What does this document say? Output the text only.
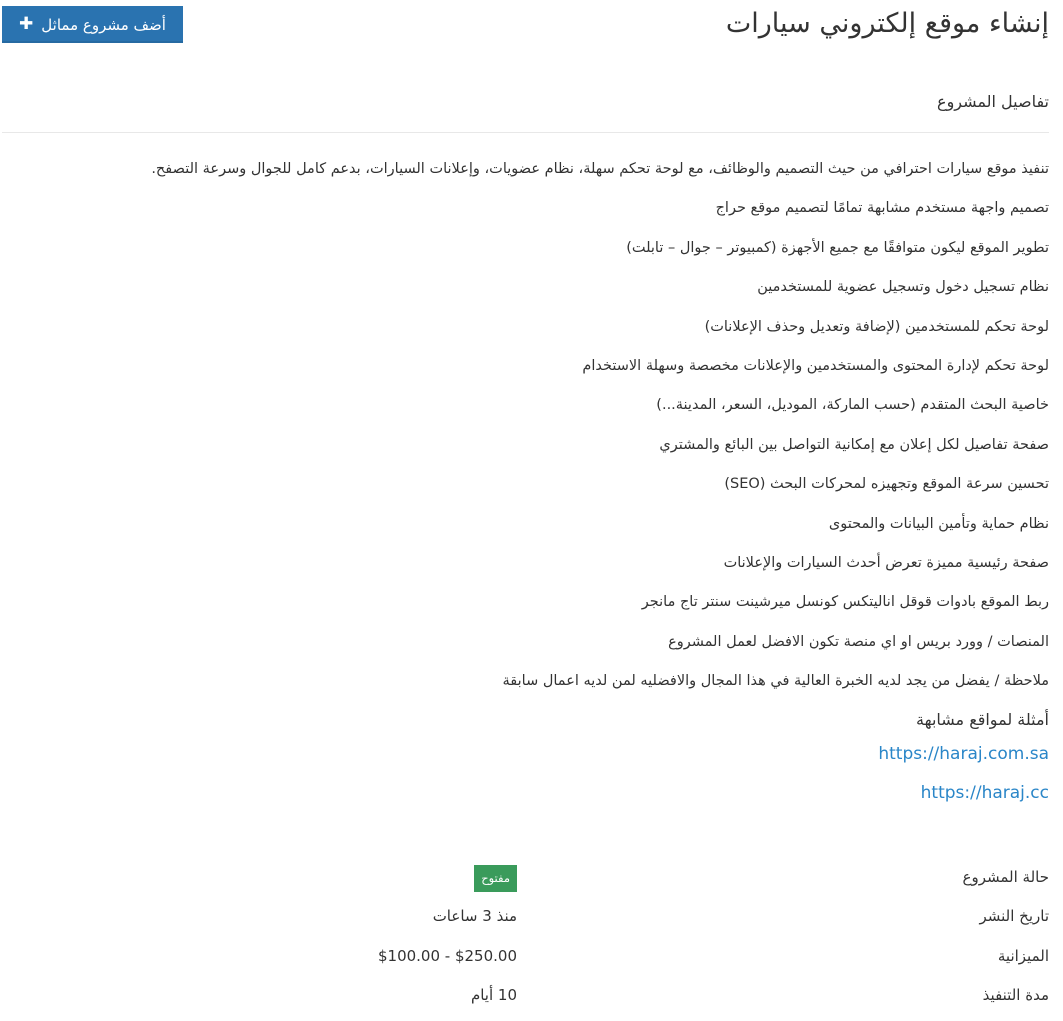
إنشاء موقع إلكتروني سيارات
أضف مشروع مماثل
✚
تفاصيل المشروع
تنفيذ موقع سيارات احترافي من حيث التصميم والوظائف، مع لوحة تحكم سهلة، نظام عضويات، وإعلانات السيارات، بدعم كامل للجوال وسرعة التصفح.
تصميم واجهة مستخدم مشابهة تمامًا لتصميم موقع حراج
تطوير الموقع ليكون متوافقًا مع جميع الأجهزة (كمبيوتر – جوال – تابلت)
نظام تسجيل دخول وتسجيل عضوية للمستخدمين
لوحة تحكم للمستخدمين (لإضافة وتعديل وحذف الإعلانات)
لوحة تحكم لإدارة المحتوى والمستخدمين والإعلانات مخصصة وسهلة الاستخدام
خاصية البحث المتقدم (حسب الماركة، الموديل، السعر، المدينة...)
صفحة تفاصيل لكل إعلان مع إمكانية التواصل بين البائع والمشتري
تحسين سرعة الموقع وتجهيزه لمحركات البحث (SEO)
نظام حماية وتأمين البيانات والمحتوى
صفحة رئيسية مميزة تعرض أحدث السيارات والإعلانات
ربط الموقع بادوات قوقل اناليتكس كونسل ميرشينت سنتر تاج مانجر
المنصات / وورد بريس او اي منصة تكون الافضل لعمل المشروع
ملاحظة / يفضل من يجد لديه الخبرة العالية في هذا المجال والافضليه لمن لديه اعمال سابقة
أمثلة لمواقع مشابهة
https://haraj.com.sa
https://haraj.cc
حالة المشروع
مفتوح
تاريخ النشر
منذ 3 ساعات
الميزانية
$100.00 - $250.00
مدة التنفيذ
10 أيام
